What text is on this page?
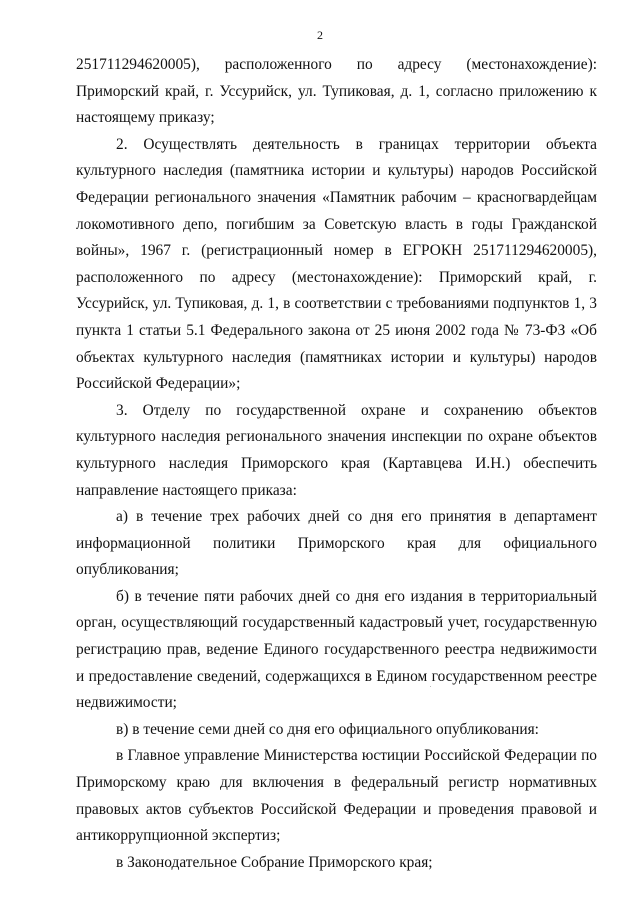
2

251711294620005), расположенного по адресу (местонахождение): Приморский край, г. Уссурийск, ул. Тупиковая, д. 1, согласно приложению к настоящему приказу;

2. Осуществлять деятельность в границах территории объекта культурного наследия (памятника истории и культуры) народов Российской Федерации регионального значения «Памятник рабочим – красногвардейцам локомотивного депо, погибшим за Советскую власть в годы Гражданской войны», 1967 г. (регистрационный номер в ЕГРОКН 251711294620005), расположенного по адресу (местонахождение): Приморский край, г. Уссурийск, ул. Тупиковая, д. 1, в соответствии с требованиями подпунктов 1, 3 пункта 1 статьи 5.1 Федерального закона от 25 июня 2002 года № 73-ФЗ «Об объектах культурного наследия (памятниках истории и культуры) народов Российской Федерации»;

3. Отделу по государственной охране и сохранению объектов культурного наследия регионального значения инспекции по охране объектов культурного наследия Приморского края (Картавцева И.Н.) обеспечить направление настоящего приказа:

а) в течение трех рабочих дней со дня его принятия в департамент информационной политики Приморского края для официального опубликования;

б) в течение пяти рабочих дней со дня его издания в территориальный орган, осуществляющий государственный кадастровый учет, государственную регистрацию прав, ведение Единого государственного реестра недвижимости и предоставление сведений, содержащихся в Едином государственном реестре недвижимости;

в) в течение семи дней со дня его официального опубликования:

в Главное управление Министерства юстиции Российской Федерации по Приморскому краю для включения в федеральный регистр нормативных правовых актов субъектов Российской Федерации и проведения правовой и антикоррупционной экспертиз;

в Законодательное Собрание Приморского края;
